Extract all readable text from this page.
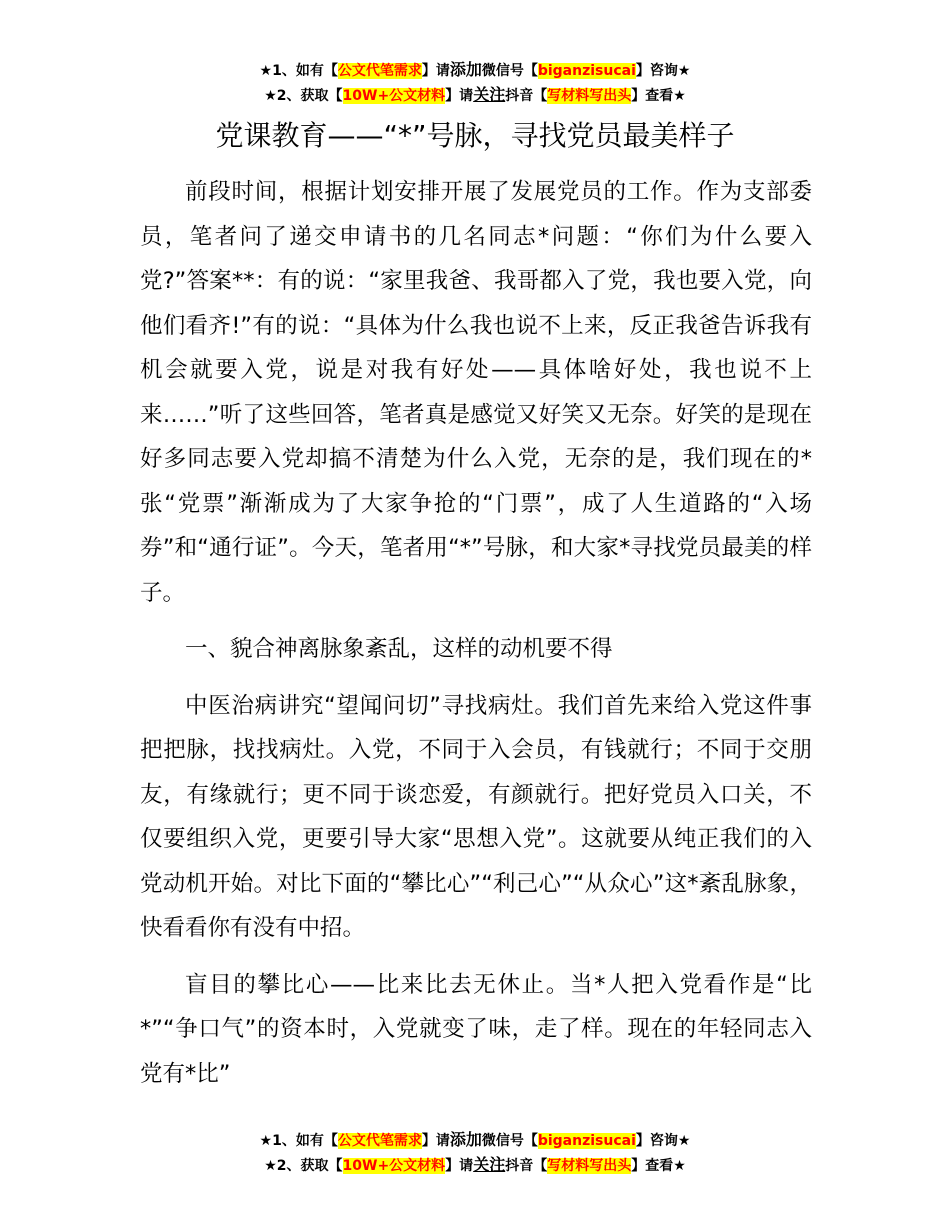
★1、如有【公文代笔需求】请添加微信号【biganzisucai】咨询★
★2、获取【10W+公文材料】请关注抖音【写材料写出头】查看★
党课教育——“*”号脉，寻找党员最美样子

前段时间，根据计划安排开展了发展党员的工作。作为支部委员，笔者问了递交申请书的几名同志*问题：“你们为什么要入党?”答案**：有的说：“家里我爸、我哥都入了党，我也要入党，向他们看齐!”有的说：“具体为什么我也说不上来，反正我爸告诉我有机会就要入党，说是对我有好处——具体啥好处，我也说不上来……”听了这些回答，笔者真是感觉又好笑又无奈。好笑的是现在好多同志要入党却搞不清楚为什么入党，无奈的是，我们现在的*张“党票”渐渐成为了大家争抢的“门票”，成了人生道路的“入场券”和“通行证”。今天，笔者用“*”号脉，和大家*寻找党员最美的样子。

一、貌合神离脉象紊乱，这样的动机要不得

中医治病讲究“望闻问切”寻找病灶。我们首先来给入党这件事把把脉，找找病灶。入党，不同于入会员，有钱就行；不同于交朋友，有缘就行；更不同于谈恋爱，有颜就行。把好党员入口关，不仅要组织入党，更要引导大家“思想入党”。这就要从纯正我们的入党动机开始。对比下面的“攀比心”“利己心”“从众心”这*紊乱脉象，快看看你有没有中招。

盲目的攀比心——比来比去无休止。当*人把入党看作是“比*”“争口气”的资本时，入党就变了味，走了样。现在的年轻同志入党有*比”

★1、如有【公文代笔需求】请添加微信号【biganzisucai】咨询★
★2、获取【10W+公文材料】请关注抖音【写材料写出头】查看★
